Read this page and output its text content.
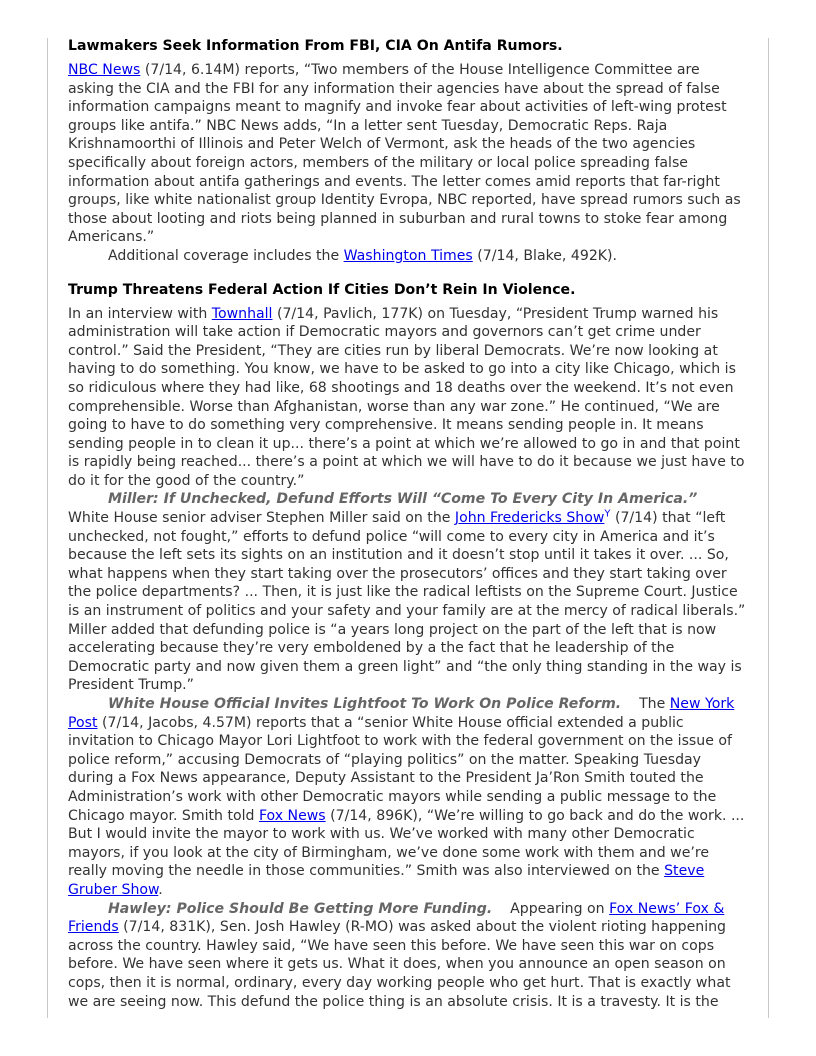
Lawmakers Seek Information From FBI, CIA On Antifa Rumors.

NBC News (7/14, 6.14M) reports, “Two members of the House Intelligence Committee are asking the CIA and the FBI for any information their agencies have about the spread of false information campaigns meant to magnify and invoke fear about activities of left-wing protest groups like antifa.” NBC News adds, “In a letter sent Tuesday, Democratic Reps. Raja Krishnamoorthi of Illinois and Peter Welch of Vermont, ask the heads of the two agencies specifically about foreign actors, members of the military or local police spreading false information about antifa gatherings and events. The letter comes amid reports that far-right groups, like white nationalist group Identity Evropa, NBC reported, have spread rumors such as those about looting and riots being planned in suburban and rural towns to stoke fear among Americans.”

Additional coverage includes the Washington Times (7/14, Blake, 492K).

Trump Threatens Federal Action If Cities Don’t Rein In Violence.

In an interview with Townhall (7/14, Pavlich, 177K) on Tuesday, “President Trump warned his administration will take action if Democratic mayors and governors can’t get crime under control.” Said the President, “They are cities run by liberal Democrats. We’re now looking at having to do something. You know, we have to be asked to go into a city like Chicago, which is so ridiculous where they had like, 68 shootings and 18 deaths over the weekend. It’s not even comprehensible. Worse than Afghanistan, worse than any war zone.” He continued, “We are going to have to do something very comprehensive. It means sending people in. It means sending people in to clean it up... there’s a point at which we’re allowed to go in and that point is rapidly being reached... there’s a point at which we will have to do it because we just have to do it for the good of the country.”

Miller: If Unchecked, Defund Efforts Will “Come To Every City In America.”

White House senior adviser Stephen Miller said on the John Fredericks Show$^Y$ (7/14) that “left unchecked, not fought,” efforts to defund police “will come to every city in America and it’s because the left sets its sights on an institution and it doesn’t stop until it takes it over. ... So, what happens when they start taking over the prosecutors’ offices and they start taking over the police departments? ... Then, it is just like the radical leftists on the Supreme Court. Justice is an instrument of politics and your safety and your family are at the mercy of radical liberals.” Miller added that defunding police is “a years long project on the part of the left that is now accelerating because they’re very emboldened by a the fact that he leadership of the Democratic party and now given them a green light” and “the only thing standing in the way is President Trump.”

White House Official Invites Lightfoot To Work On Police Reform. The New York Post (7/14, Jacobs, 4.57M) reports that a “senior White House official extended a public invitation to Chicago Mayor Lori Lightfoot to work with the federal government on the issue of police reform,” accusing Democrats of “playing politics” on the matter. Speaking Tuesday during a Fox News appearance, Deputy Assistant to the President Ja’Ron Smith touted the Administration’s work with other Democratic mayors while sending a public message to the Chicago mayor. Smith told Fox News (7/14, 896K), “We’re willing to go back and do the work. ... But I would invite the mayor to work with us. We’ve worked with many other Democratic mayors, if you look at the city of Birmingham, we’ve done some work with them and we’re really moving the needle in those communities.” Smith was also interviewed on the Steve Gruber Show.

Hawley: Police Should Be Getting More Funding. Appearing on Fox News’ Fox & Friends (7/14, 831K), Sen. Josh Hawley (R-MO) was asked about the violent rioting happening across the country. Hawley said, “We have seen this before. We have seen this war on cops before. We have seen where it gets us. What it does, when you announce an open season on cops, then it is normal, ordinary, every day working people who get hurt. That is exactly what we are seeing now. This defund the police thing is an absolute crisis. It is a travesty. It is the
